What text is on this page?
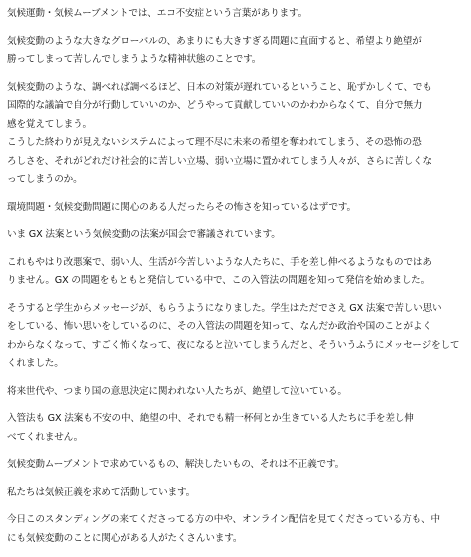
気候運動・気候ムーブメントでは、エコ不安症という言葉があります。

気候変動のような大きなグローバルの、あまりにも大きすぎる問題に直面すると、希望より絶望が
勝ってしまって苦しんでしまうような精神状態のことです。

気候変動のような、調べれば調べるほど、日本の対策が遅れているということ、恥ずかしくて、でも
国際的な議論で自分が行動していいのか、どうやって貢献していいのかわからなくて、自分で無力
感を覚えてしまう。

こうした終わりが見えないシステムによって理不尽に未来の希望を奪われてしまう、その恐怖の恐
ろしさを、それがどれだけ社会的に苦しい立場、弱い立場に置かれてしまう人々が、さらに苦しくな
ってしまうのか。

環境問題・気候変動問題に関心のある人だったらその怖さを知っているはずです。

いま GX 法案という気候変動の法案が国会で審議されています。

これもやはり改悪案で、弱い人、生活が今苦しいような人たちに、手を差し伸べるようなものではあ
りません。GX の問題をもともと発信している中で、この入管法の問題を知って発信を始めました。

そうすると学生からメッセージが、もらうようになりました。学生はただでさえ GX 法案で苦しい思い
をしている、怖い思いをしているのに、その入管法の問題を知って、なんだか政治や国のことがよく
わからなくなって、すごく怖くなって、夜になると泣いてしまうんだと、そういうふうにメッセージをして
くれました。

将来世代や、つまり国の意思決定に関われない人たちが、絶望して泣いている。

入管法も GX 法案も不安の中、絶望の中、それでも精一杯何とか生きている人たちに手を差し伸
べてくれません。

気候変動ムーブメントで求めているもの、解決したいもの、それは不正義です。

私たちは気候正義を求めて活動しています。

今日このスタンディングの来てくださってる方の中や、オンライン配信を見てくださっている方も、中
にも気候変動のことに関心がある人がたくさんいます。
